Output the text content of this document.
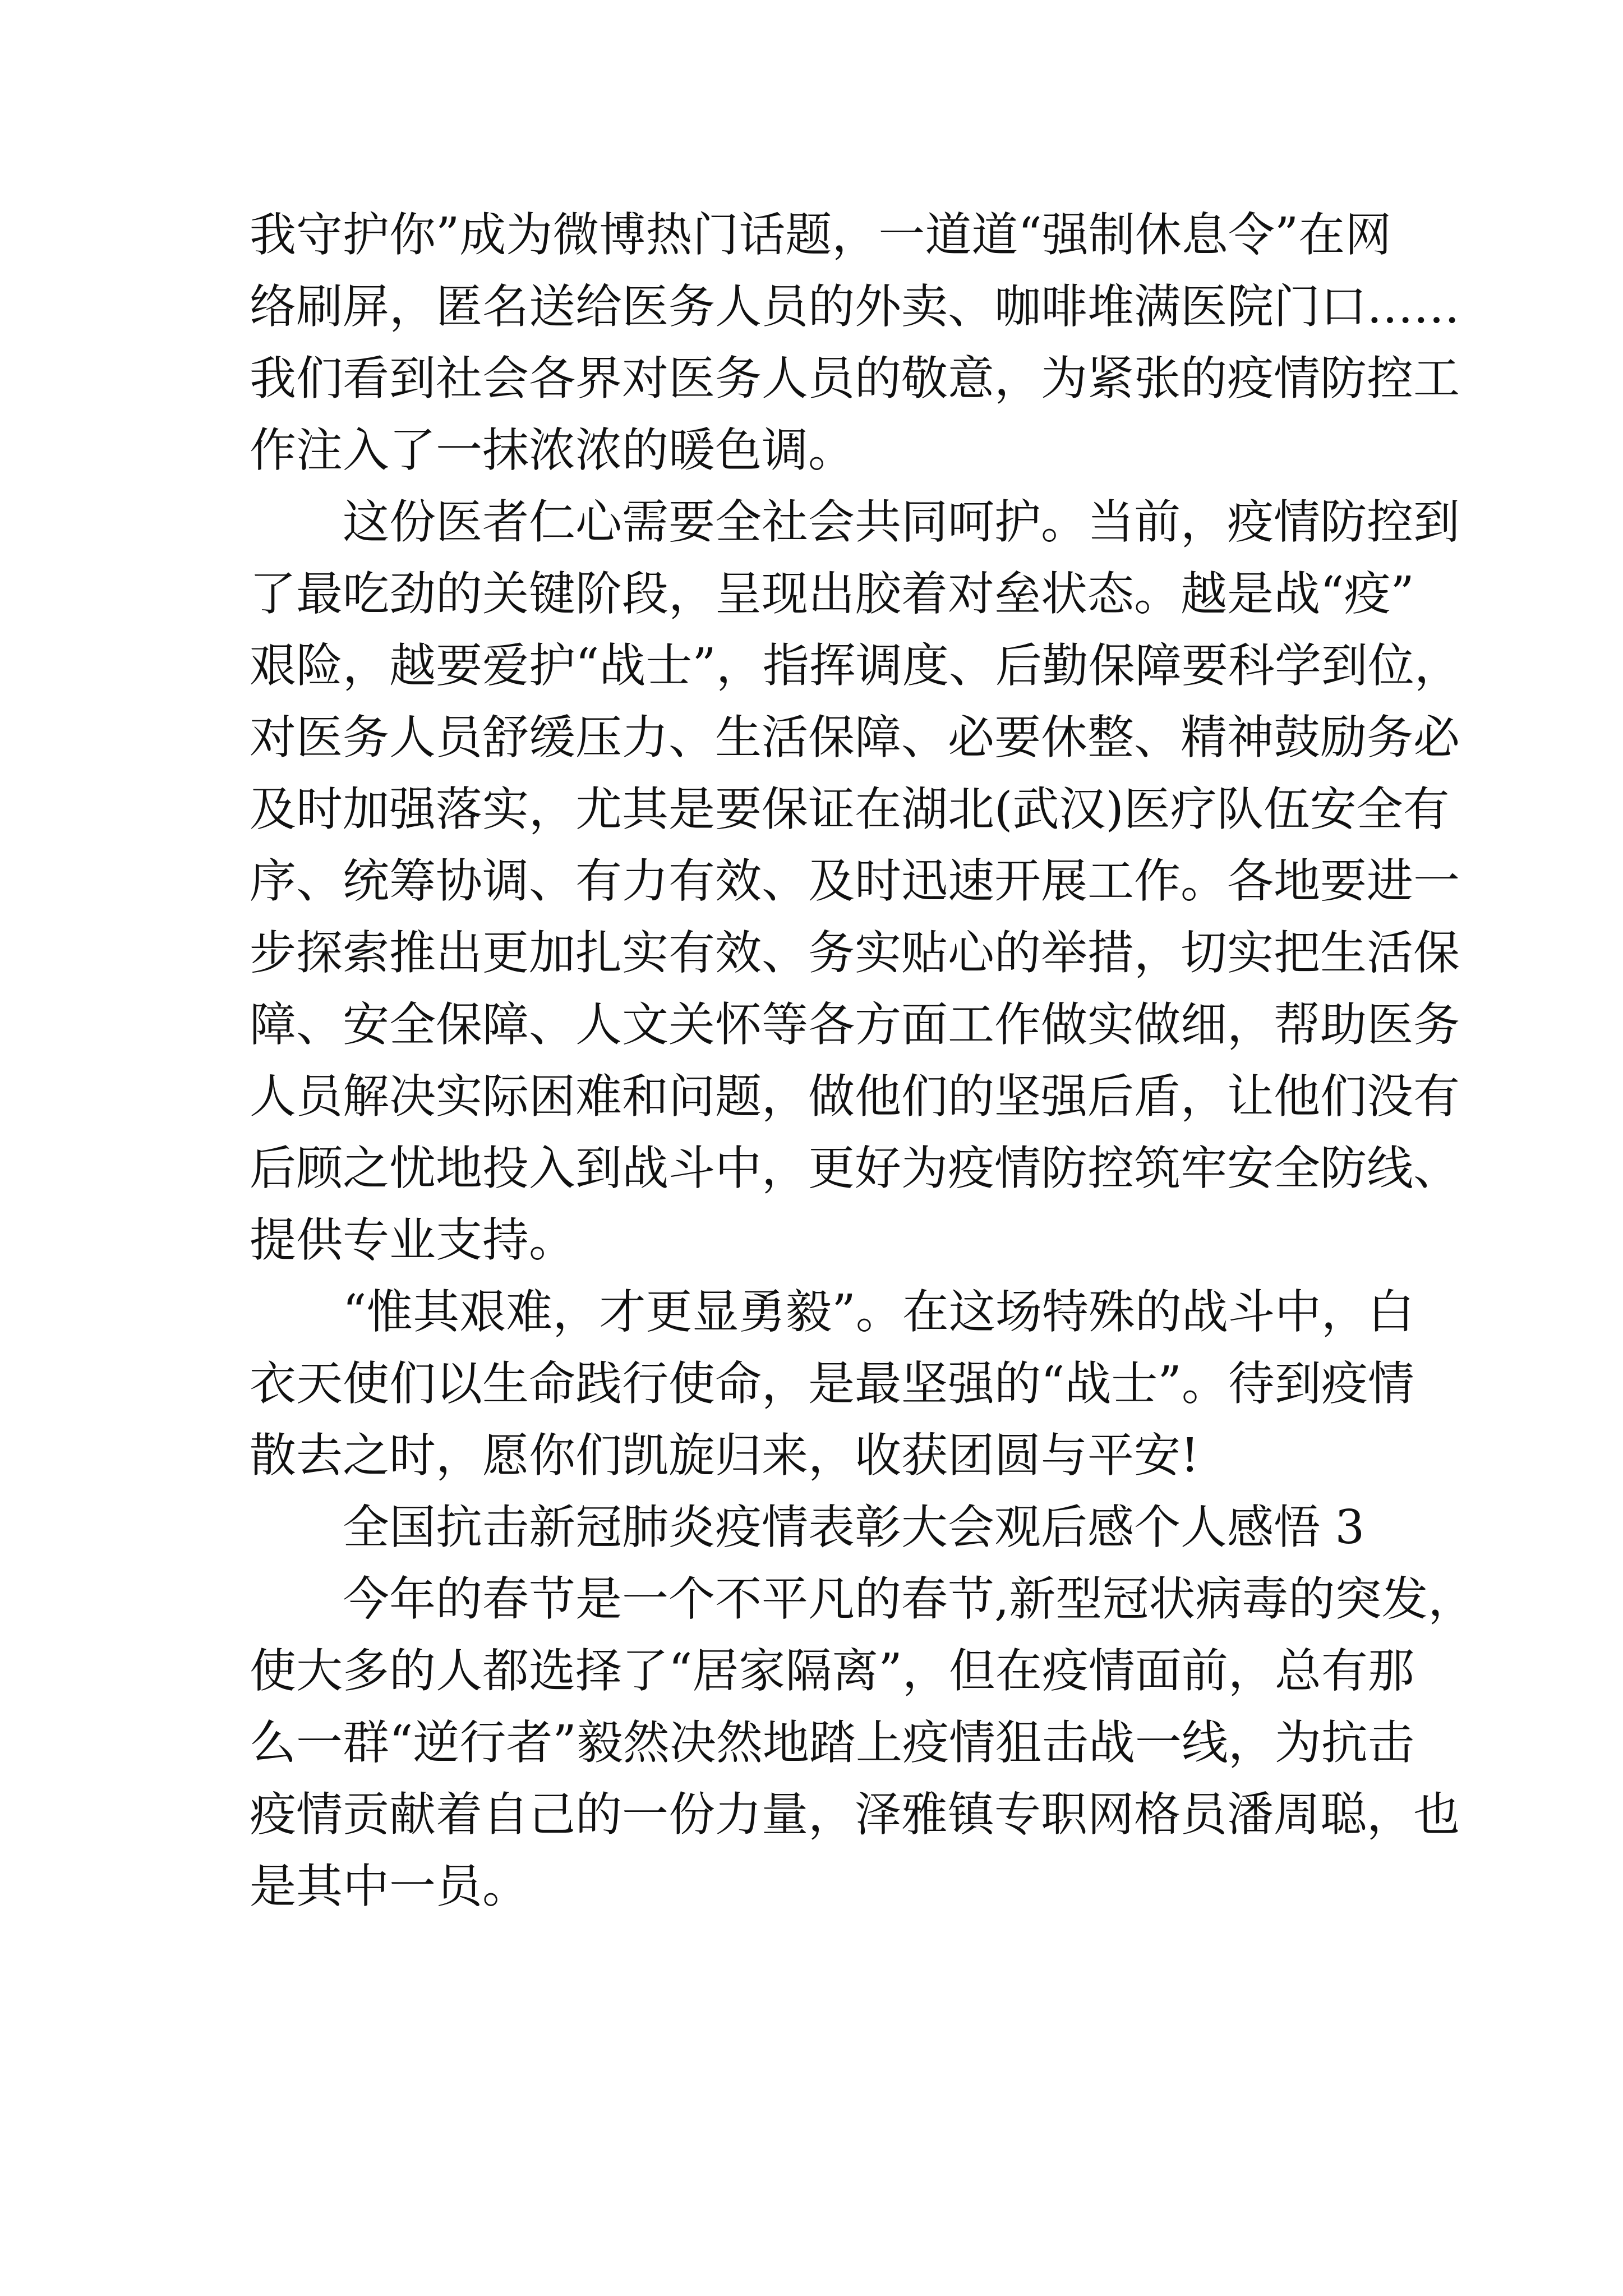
我守护你”成为微博热门话题，一道道“强制休息令”在网
络刷屏，匿名送给医务人员的外卖、咖啡堆满医院门口……
我们看到社会各界对医务人员的敬意，为紧张的疫情防控工
作注入了一抹浓浓的暖色调。
这份医者仁心需要全社会共同呵护。当前，疫情防控到
了最吃劲的关键阶段，呈现出胶着对垒状态。越是战“疫”
艰险，越要爱护“战士”，指挥调度、后勤保障要科学到位，
对医务人员舒缓压力、生活保障、必要休整、精神鼓励务必
及时加强落实，尤其是要保证在湖北(武汉)医疗队伍安全有
序、统筹协调、有力有效、及时迅速开展工作。各地要进一
步探索推出更加扎实有效、务实贴心的举措，切实把生活保
障、安全保障、人文关怀等各方面工作做实做细，帮助医务
人员解决实际困难和问题，做他们的坚强后盾，让他们没有
后顾之忧地投入到战斗中，更好为疫情防控筑牢安全防线、
提供专业支持。
“惟其艰难，才更显勇毅”。在这场特殊的战斗中，白
衣天使们以生命践行使命，是最坚强的“战士”。待到疫情
散去之时，愿你们凯旋归来，收获团圆与平安!
全国抗击新冠肺炎疫情表彰大会观后感个人感悟 3
今年的春节是一个不平凡的春节,新型冠状病毒的突发，
使大多的人都选择了“居家隔离”，但在疫情面前，总有那
么一群“逆行者”毅然决然地踏上疫情狙击战一线，为抗击
疫情贡献着自己的一份力量，泽雅镇专职网格员潘周聪，也
是其中一员。
